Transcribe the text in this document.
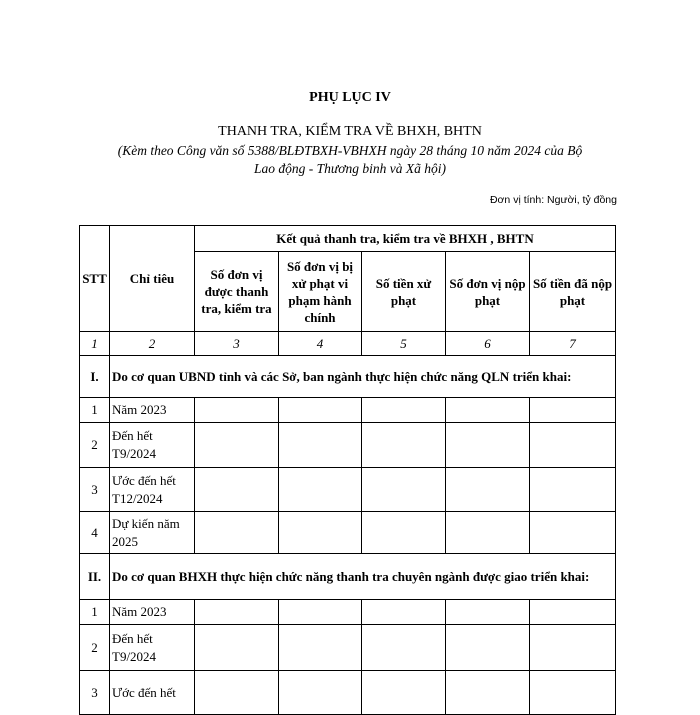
PHỤ LỤC IV
THANH TRA, KIỂM TRA VỀ BHXH, BHTN
(Kèm theo Công văn số 5388/BLĐTBXH-VBHXH ngày 28 tháng 10 năm 2024 của Bộ
Lao động - Thương binh và Xã hội)
Đơn vị tính: Người, tỷ đồng
STT	Chỉ tiêu	Kết quả thanh tra, kiểm tra về BHXH , BHTN				
		Số đơn vị được thanh tra, kiểm tra	Số đơn vị bị xử phạt vi phạm hành chính	Số tiền xử phạt	Số đơn vị nộp phạt	Số tiền đã nộp phạt
1	2	3	4	5	6	7
I.	Do cơ quan UBND tỉnh và các Sở, ban ngành thực hiện chức năng QLN triển khai:					
1	Năm 2023					
2	Đến hết T9/2024					
3	Ước đến hết T12/2024					
4	Dự kiến năm 2025					
II.	Do cơ quan BHXH thực hiện chức năng thanh tra chuyên ngành được giao triển khai:					
1	Năm 2023					
2	Đến hết T9/2024					
3	Ước đến hết					
